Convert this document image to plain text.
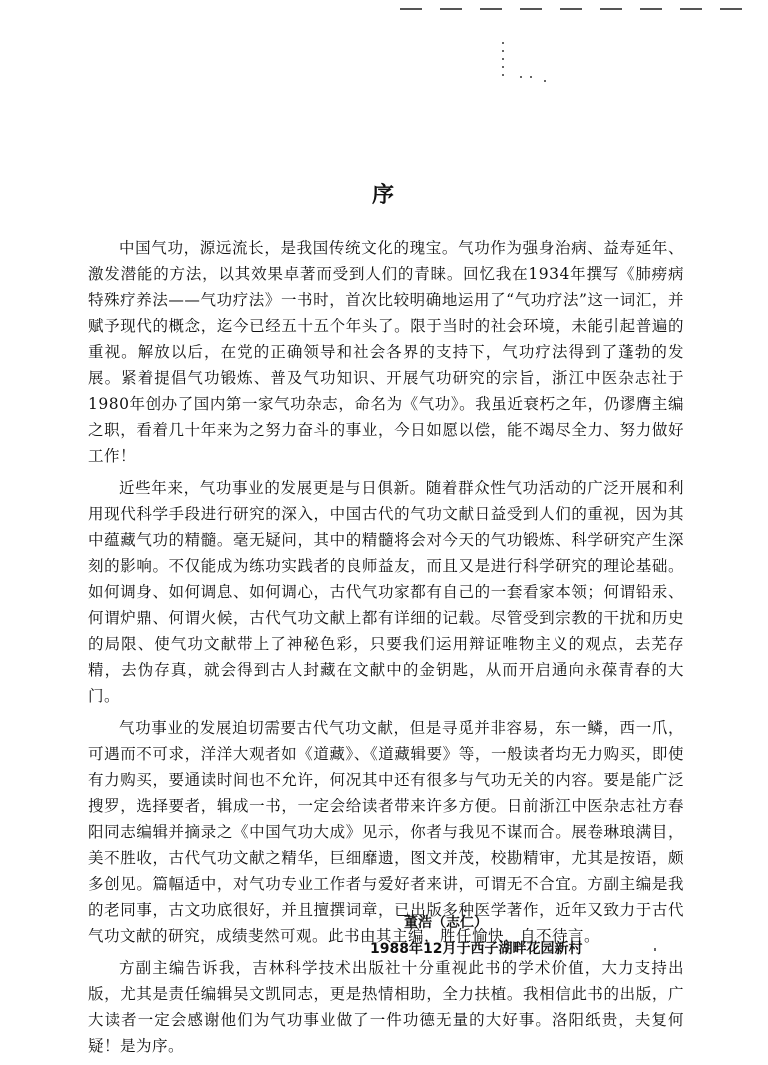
序

中国气功，源远流长，是我国传统文化的瑰宝。气功作为强身治病、益寿延年、激发潜能的方法，以其效果卓著而受到人们的青睐。回忆我在1934年撰写《肺痨病特殊疗养法——气功疗法》一书时，首次比较明确地运用了“气功疗法”这一词汇，并赋予现代的概念，迄今已经五十五个年头了。限于当时的社会环境，未能引起普遍的重视。解放以后，在党的正确领导和社会各界的支持下，气功疗法得到了蓬勃的发展。紧着提倡气功锻炼、普及气功知识、开展气功研究的宗旨，浙江中医杂志社于1980年创办了国内第一家气功杂志，命名为《气功》。我虽近衰朽之年，仍谬膺主编之职，看着几十年来为之努力奋斗的事业，今日如愿以偿，能不竭尽全力、努力做好工作！

近些年来，气功事业的发展更是与日俱新。随着群众性气功活动的广泛开展和利用现代科学手段进行研究的深入，中国古代的气功文献日益受到人们的重视，因为其中蕴藏气功的精髓。毫无疑问，其中的精髓将会对今天的气功锻炼、科学研究产生深刻的影响。不仅能成为练功实践者的良师益友，而且又是进行科学研究的理论基础。如何调身、如何调息、如何调心，古代气功家都有自己的一套看家本领；何谓铅汞、何谓炉鼎、何谓火候，古代气功文献上都有详细的记载。尽管受到宗教的干扰和历史的局限、使气功文献带上了神秘色彩，只要我们运用辩证唯物主义的观点，去芜存精，去伪存真，就会得到古人封藏在文献中的金钥匙，从而开启通向永葆青春的大门。

气功事业的发展迫切需要古代气功文献，但是寻觅并非容易，东一鳞，西一爪，可遇而不可求，洋洋大观者如《道藏》、《道藏辑要》等，一般读者均无力购买，即使有力购买，要通读时间也不允许，何况其中还有很多与气功无关的内容。要是能广泛搜罗，选择要者，辑成一书，一定会给读者带来许多方便。日前浙江中医杂志社方春阳同志编辑并摘录之《中国气功大成》见示，你者与我见不谋而合。展卷琳琅满目，美不胜收，古代气功文献之精华，巨细靡遗，图文并茂，校勘精审，尤其是按语，颇多创见。篇幅适中，对气功专业工作者与爱好者来讲，可谓无不合宜。方副主编是我的老同事，古文功底很好，并且擅撰词章，已出版多种医学著作，近年又致力于古代气功文献的研究，成绩斐然可观。此书由其主编，胜任愉快，自不待言。

方副主编告诉我，吉林科学技术出版社十分重视此书的学术价值，大力支持出版，尤其是责任编辑吴文凯同志，更是热情相助，全力扶植。我相信此书的出版，广大读者一定会感谢他们为气功事业做了一件功德无量的大好事。洛阳纸贵，夫复何疑！是为序。

董浩（志仁）
1988年12月于西子湖畔花园新村
